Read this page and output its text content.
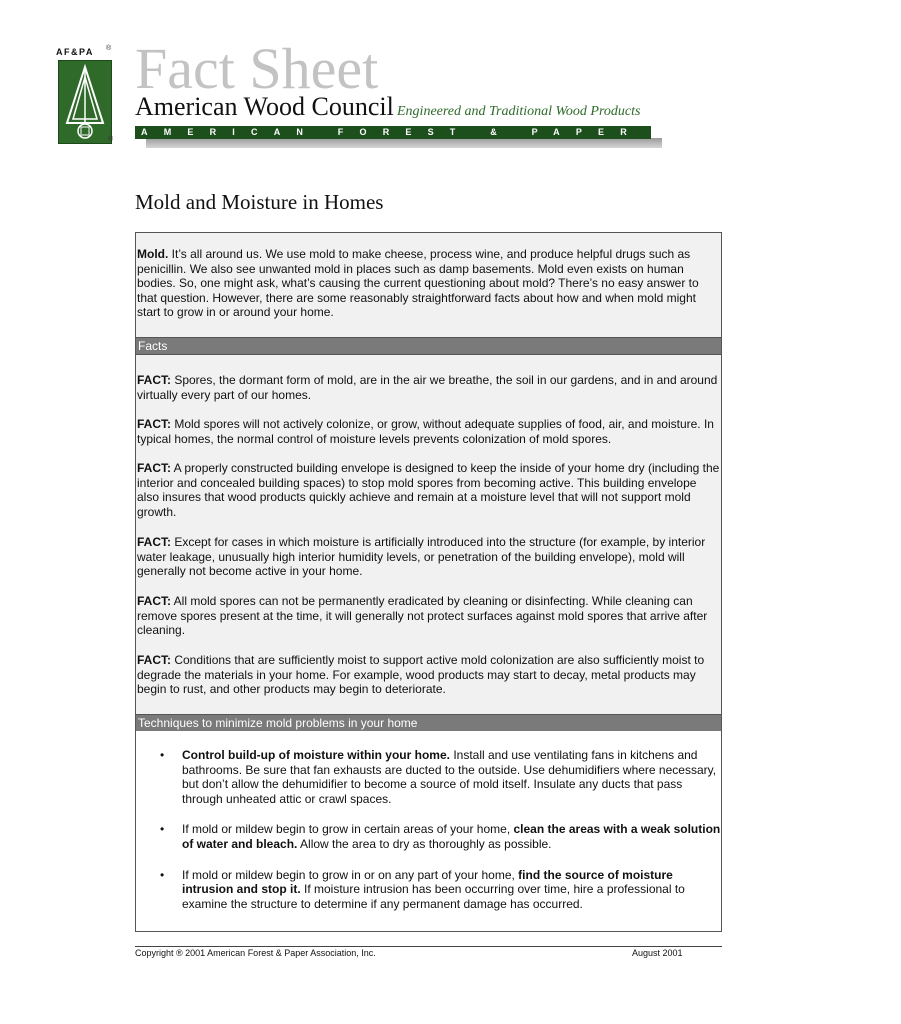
AF&PA ®
®
Fact Sheet
American Wood Council Engineered and Traditional Wood Products
AMERICAN FOREST & PAPER ASSOCIATION
Mold and Moisture in Homes

Mold. It’s all around us. We use mold to make cheese, process wine, and produce helpful drugs such as penicillin. We also see unwanted mold in places such as damp basements. Mold even exists on human bodies. So, one might ask, what’s causing the current questioning about mold? There’s no easy answer to that question. However, there are some reasonably straightforward facts about how and when mold might start to grow in or around your home.

Facts

FACT: Spores, the dormant form of mold, are in the air we breathe, the soil in our gardens, and in and around virtually every part of our homes.

FACT: Mold spores will not actively colonize, or grow, without adequate supplies of food, air, and moisture. In typical homes, the normal control of moisture levels prevents colonization of mold spores.

FACT: A properly constructed building envelope is designed to keep the inside of your home dry (including the interior and concealed building spaces) to stop mold spores from becoming active. This building envelope also insures that wood products quickly achieve and remain at a moisture level that will not support mold growth.

FACT: Except for cases in which moisture is artificially introduced into the structure (for example, by interior water leakage, unusually high interior humidity levels, or penetration of the building envelope), mold will generally not become active in your home.

FACT: All mold spores can not be permanently eradicated by cleaning or disinfecting. While cleaning can remove spores present at the time, it will generally not protect surfaces against mold spores that arrive after cleaning.

FACT: Conditions that are sufficiently moist to support active mold colonization are also sufficiently moist to degrade the materials in your home. For example, wood products may start to decay, metal products may begin to rust, and other products may begin to deteriorate.

Techniques to minimize mold problems in your home
• Control build-up of moisture within your home. Install and use ventilating fans in kitchens and bathrooms. Be sure that fan exhausts are ducted to the outside. Use dehumidifiers where necessary, but don’t allow the dehumidifier to become a source of mold itself. Insulate any ducts that pass through unheated attic or crawl spaces.
• If mold or mildew begin to grow in certain areas of your home, clean the areas with a weak solution of water and bleach. Allow the area to dry as thoroughly as possible.
• If mold or mildew begin to grow in or on any part of your home, find the source of moisture intrusion and stop it. If moisture intrusion has been occurring over time, hire a professional to examine the structure to determine if any permanent damage has occurred.
Copyright ® 2001 American Forest & Paper Association, Inc.	August 2001
